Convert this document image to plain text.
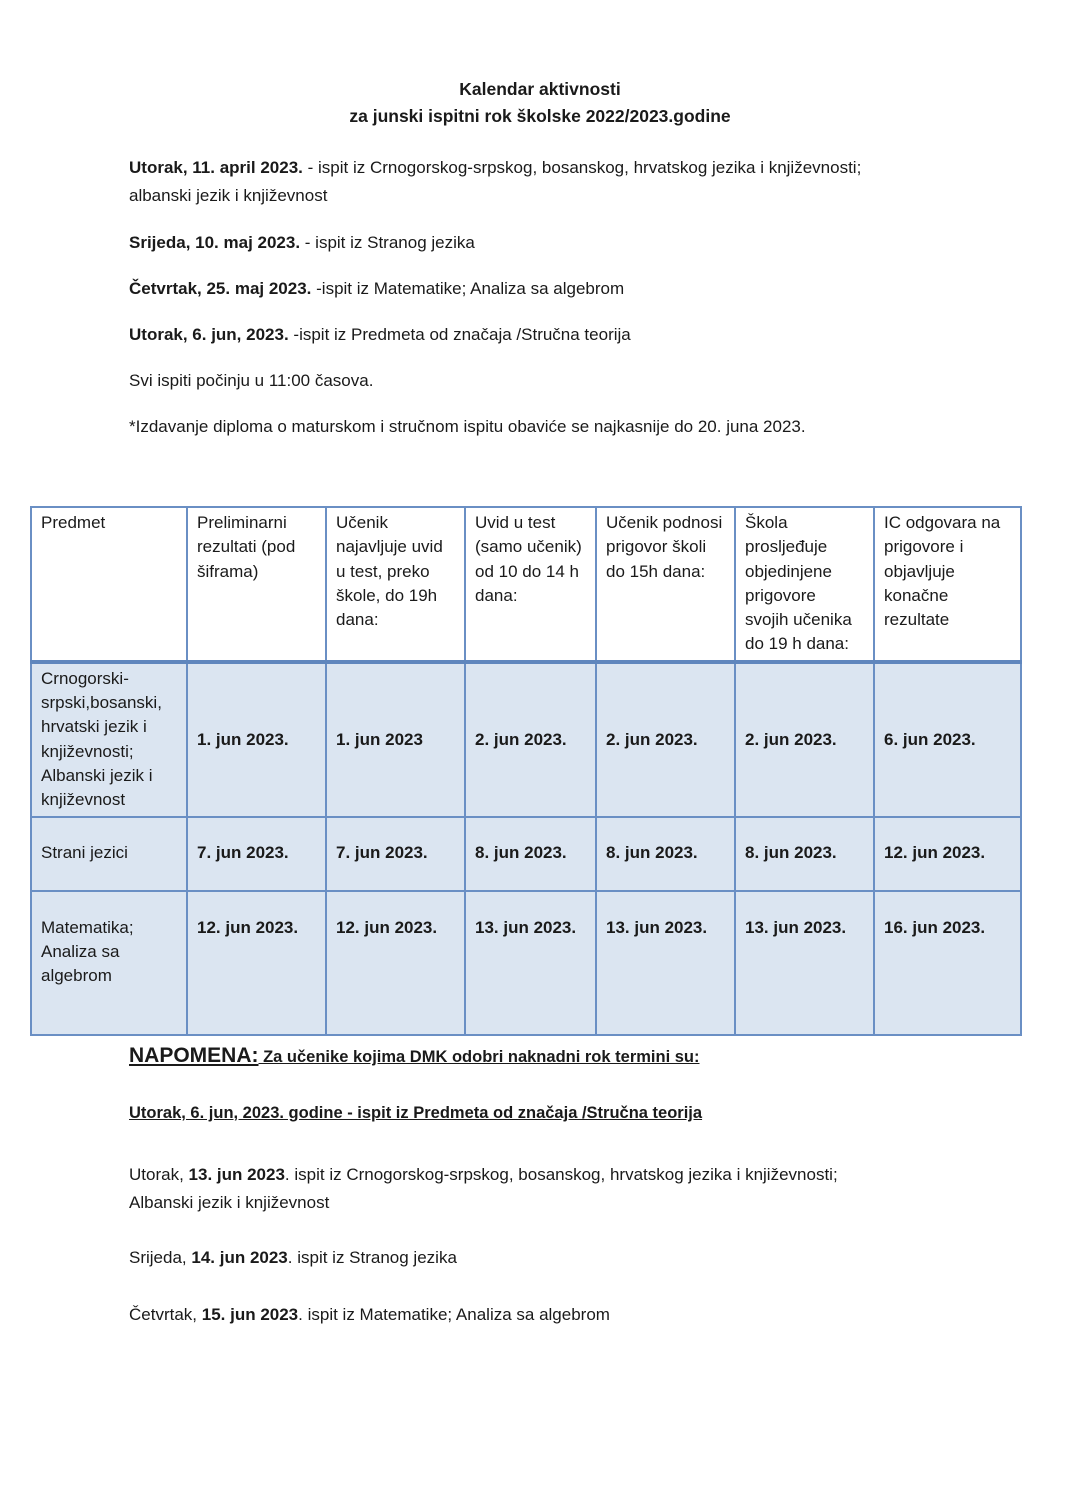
Kalendar aktivnosti
za junski ispitni rok školske 2022/2023.godine
Utorak, 11. april 2023. - ispit iz Crnogorskog-srpskog, bosanskog, hrvatskog jezika i književnosti;
albanski jezik i književnost
Srijeda, 10. maj 2023. - ispit iz Stranog jezika
Četvrtak, 25. maj 2023. -ispit iz Matematike; Analiza sa algebrom
Utorak, 6. jun, 2023. -ispit iz Predmeta od značaja /Stručna teorija
Svi ispiti počinju u 11:00 časova.
*Izdavanje diploma o maturskom i stručnom ispitu obaviće se najkasnije do 20. juna 2023.
Predmet	Preliminarni rezultati (pod šiframa)	Učenik najavljuje uvid u test, preko škole, do 19h dana:	Uvid u test (samo učenik) od 10 do 14 h dana:	Učenik podnosi prigovor školi do 15h dana:	Škola prosljeđuje objedinjene prigovore svojih učenika do 19 h dana:	IC odgovara na prigovore i objavljuje konačne rezultate
Crnogorski-srpski,bosanski, hrvatski jezik i književnosti; Albanski jezik i književnost	1. jun 2023.	1. jun 2023	2. jun 2023.	2. jun 2023.	2. jun 2023.	6. jun 2023.
Strani jezici	7. jun 2023.	7. jun 2023.	8. jun 2023.	8. jun 2023.	8. jun 2023.	12. jun 2023.
Matematika; Analiza sa algebrom	12. jun 2023.	12. jun 2023.	13. jun 2023.	13. jun 2023.	13. jun 2023.	16. jun 2023.
NAPOMENA: Za učenike kojima DMK odobri naknadni rok termini su:
Utorak, 6. jun, 2023. godine - ispit iz Predmeta od značaja /Stručna teorija
Utorak, 13. jun 2023. ispit iz Crnogorskog-srpskog, bosanskog, hrvatskog jezika i književnosti;
Albanski jezik i književnost
Srijeda, 14. jun 2023. ispit iz Stranog jezika
Četvrtak, 15. jun 2023. ispit iz Matematike; Analiza sa algebrom
